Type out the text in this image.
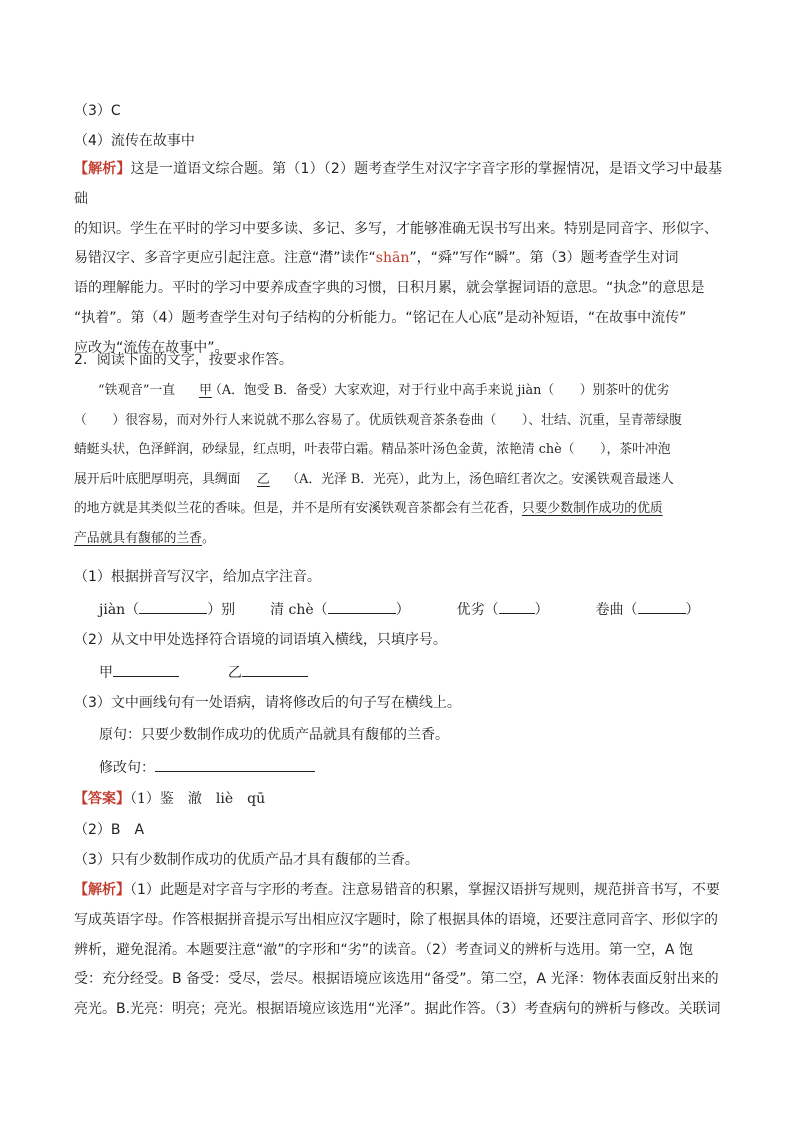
（3）C
（4）流传在故事中
【解析】这是一道语文综合题。第（1）（2）题考查学生对汉字字音字形的掌握情况，是语文学习中最基础
的知识。学生在平时的学习中要多读、多记、多写，才能够准确无误书写出来。特别是同音字、形似字、
易错汉字、多音字更应引起注意。注意“潸”读作“shān”，“舜”写作“瞬”。第（3）题考查学生对词
语的理解能力。平时的学习中要养成查字典的习惯，日积月累，就会掌握词语的意思。“执念”的意思是
“执着”。第（4）题考查学生对句子结构的分析能力。“铭记在人心底”是动补短语，“在故事中流传”
应改为“流传在故事中”。
2．阅读下面的文字，按要求作答。
“铁观音”一直 甲（A．饱受 B．备受）大家欢迎，对于行业中高手来说 jiàn（　　）别茶叶的优劣
（　　）很容易，而对外行人来说就不那么容易了。优质铁观音茶条卷曲（　　）、壮结、沉重，呈青蒂绿腹
蜻蜓头状，色泽鲜润，砂绿显，红点明，叶表带白霜。精品茶叶汤色金黄，浓艳清 chè（　　），茶叶冲泡
展开后叶底肥厚明亮，具绸面 乙 （A．光泽 B．光亮），此为上，汤色暗红者次之。安溪铁观音最迷人
的地方就是其类似兰花的香味。但是，并不是所有安溪铁观音茶都会有兰花香，只要少数制作成功的优质
产品就具有馥郁的兰香。
（1）根据拼音写汉字，给加点字注音。
jiàn（	）别 清 chè（	）	优劣（	）	卷曲（	）
（2）从文中甲处选择符合语境的词语填入横线，只填序号。
甲	乙
（3）文中画线句有一处语病，请将修改后的句子写在横线上。
原句：只要少数制作成功的优质产品就具有馥郁的兰香。
修改句：
【答案】（1）鉴　澈　liè　qū
（2）B　A
（3）只有少数制作成功的优质产品才具有馥郁的兰香。
【解析】（1）此题是对字音与字形的考查。注意易错音的积累，掌握汉语拼写规则，规范拼音书写，不要
写成英语字母。作答根据拼音提示写出相应汉字题时，除了根据具体的语境，还要注意同音字、形似字的
辨析，避免混淆。本题要注意“澈”的字形和“劣”的读音。（2）考查词义的辨析与选用。第一空，A 饱
受：充分经受。B 备受：受尽，尝尽。根据语境应该选用“备受”。第二空，A 光泽：物体表面反射出来的
亮光。B.光亮：明亮；亮光。根据语境应该选用“光泽”。据此作答。（3）考查病句的辨析与修改。关联词
